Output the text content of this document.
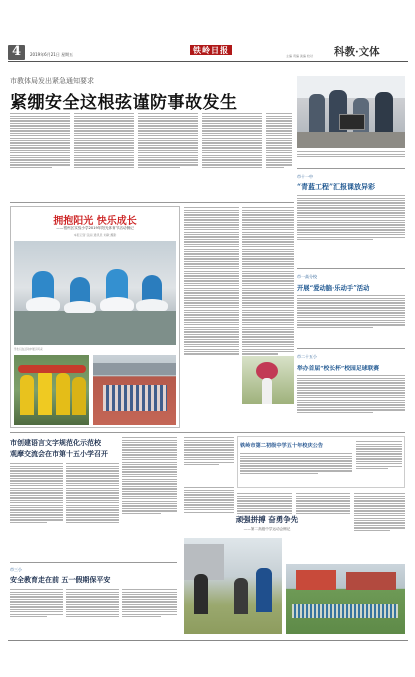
4	2019年6月21日 星期五	铁岭日报
主编 责编 美编 校对 科教·文体
市教体局发出紧急通知要求
紧绷安全这根弦谨防事故发生
市十一中
“青蓝工程”汇报课放异彩
市一高分校
开展“爱动脑·乐动手”活动
市二十五小
举办首届“校长杯”校园足球联赛
拥抱阳光 快乐成长
——银州区实验小学2019年阳光体育节活动侧记
本报记者 张丽 通讯员 刘敏 摄影
学生们在活动中展示风采
市创建语言文字规范化示范校
观摩交流会在市第十五小学召开
市三小
安全教育走在前 五一假期保平安
铁岭市第二初级中学五十年校庆公告
顽强拼搏 奋勇争先
——第二高级中学运动会侧记
